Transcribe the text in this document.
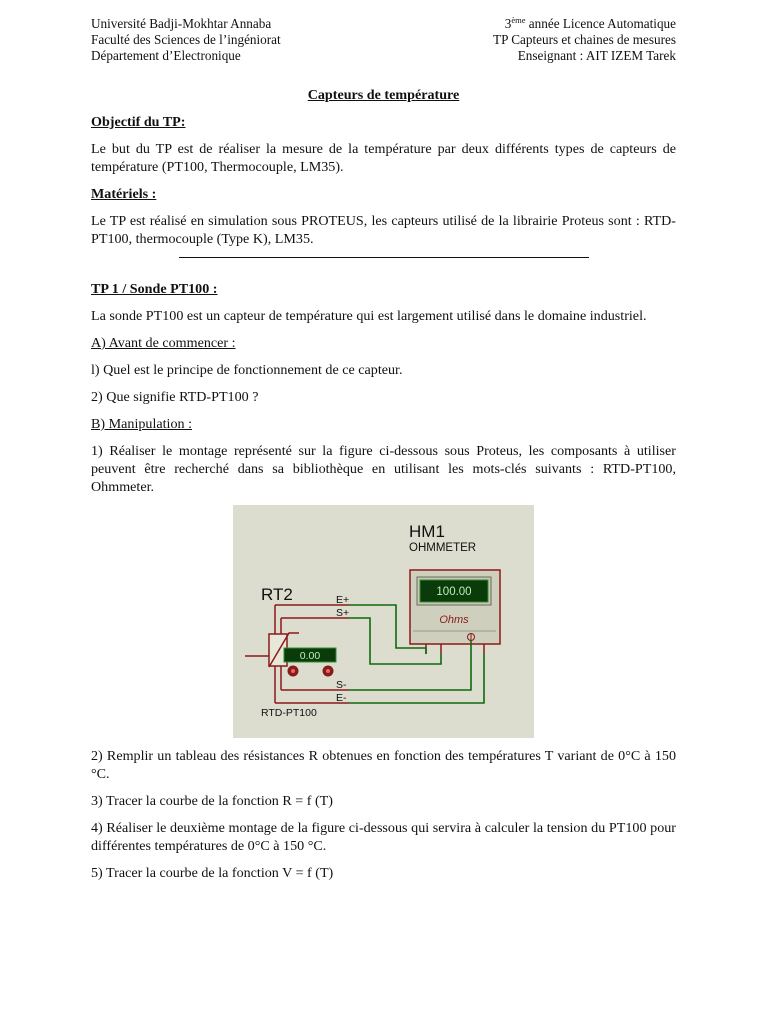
Université Badji-Mokhtar Annaba
Faculté des Sciences de l’ingéniorat
Département d’Electronique
3ème année Licence Automatique
TP Capteurs et chaines de mesures
Enseignant : AIT IZEM Tarek
Capteurs de température
Objectif du TP:
Le but du TP est de réaliser la mesure de la température par deux différents types de capteurs de température (PT100, Thermocouple, LM35).
Matériels :
Le TP est réalisé en simulation sous PROTEUS, les capteurs utilisé de la librairie Proteus sont : RTD-PT100, thermocouple (Type K), LM35.
TP 1 / Sonde PT100 :
La sonde PT100 est un capteur de température qui est largement utilisé dans le domaine industriel.
A) Avant de commencer :
l) Quel est le principe de fonctionnement de ce capteur.
2) Que signifie RTD-PT100 ?
B) Manipulation :
1) Réaliser le montage représenté sur la figure ci-dessous sous Proteus, les composants à utiliser peuvent être recherché dans sa bibliothèque en utilisant les mots-clés suivants : RTD-PT100, Ohmmeter.
HM1
OHMMETER
100.00
Ohms
RT2
RTD-PT100
E+
S+
S-
E-
0.00
2) Remplir un tableau des résistances R obtenues en fonction des températures T variant de 0°C à 150 °C.
3) Tracer la courbe de la fonction R = f (T)
4) Réaliser le deuxième montage de la figure ci-dessous qui servira à calculer la tension du PT100 pour différentes températures de 0°C à 150 °C.
5) Tracer la courbe de la fonction V = f (T)
